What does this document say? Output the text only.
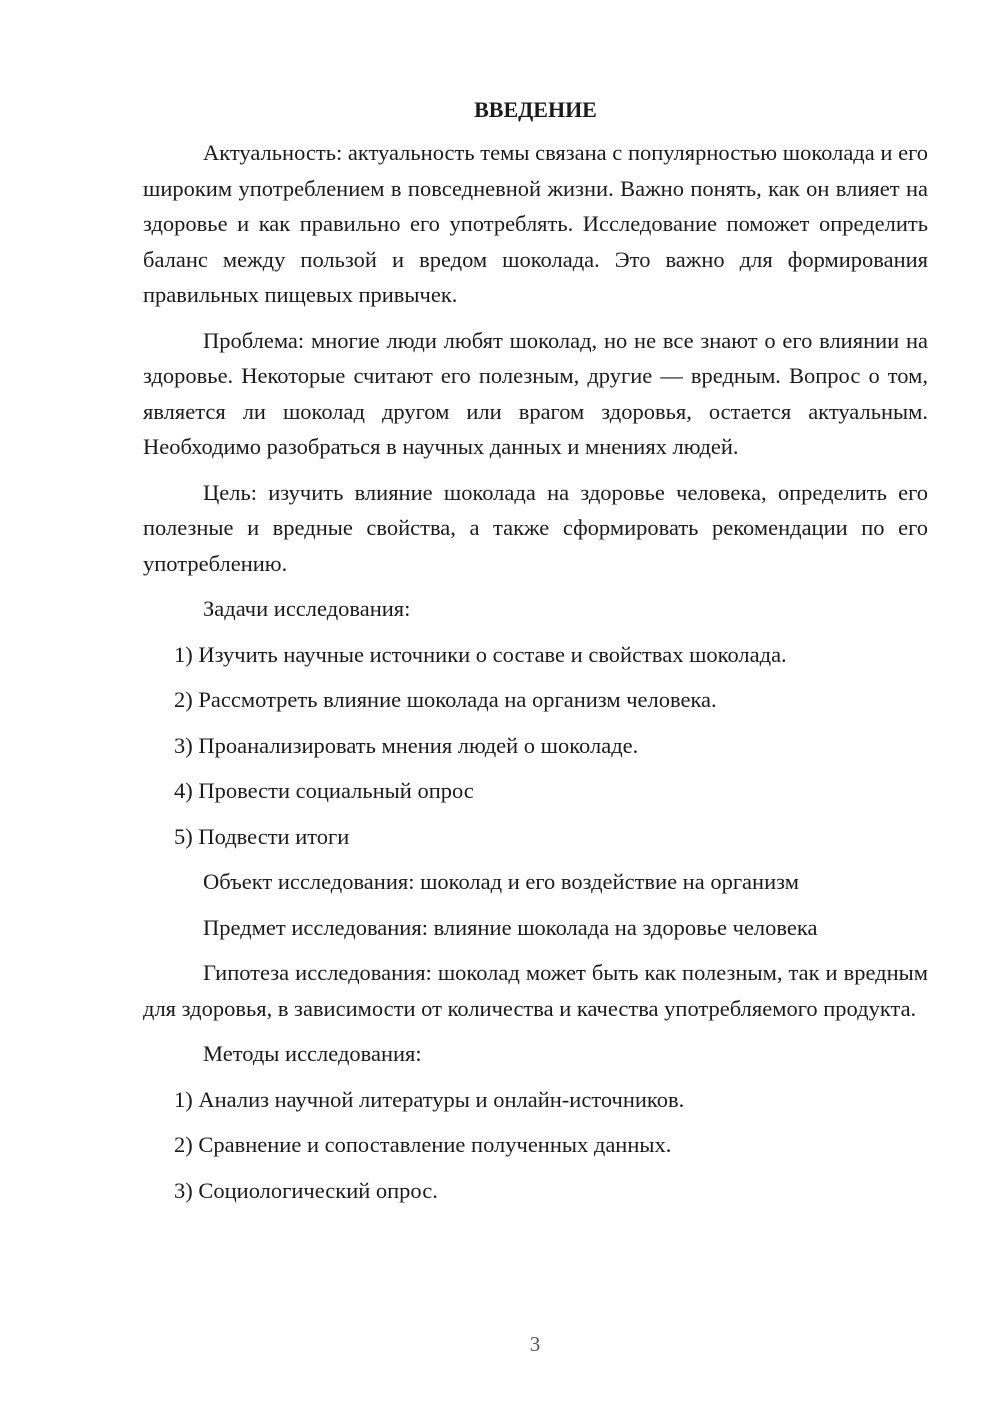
ВВЕДЕНИЕ

Актуальность: актуальность темы связана с популярностью шоколада и его широким употреблением в повседневной жизни. Важно понять, как он влияет на здоровье и как правильно его употреблять. Исследование поможет определить баланс между пользой и вредом шоколада. Это важно для формирования правильных пищевых привычек.

Проблема: многие люди любят шоколад, но не все знают о его влиянии на здоровье. Некоторые считают его полезным, другие — вредным. Вопрос о том, является ли шоколад другом или врагом здоровья, остается актуальным. Необходимо разобраться в научных данных и мнениях людей.

Цель: изучить влияние шоколада на здоровье человека, определить его полезные и вредные свойства, а также сформировать рекомендации по его употреблению.

Задачи исследования:

1) Изучить научные источники о составе и свойствах шоколада.
2) Рассмотреть влияние шоколада на организм человека.
3) Проанализировать мнения людей о шоколаде.
4) Провести социальный опрос
5) Подвести итоги

Объект исследования: шоколад и его воздействие на организм

Предмет исследования: влияние шоколада на здоровье человека

Гипотеза исследования: шоколад может быть как полезным, так и вредным для здоровья, в зависимости от количества и качества употребляемого продукта.

Методы исследования:

1) Анализ научной литературы и онлайн-источников.
2) Сравнение и сопоставление полученных данных.
3) Социологический опрос.
3
